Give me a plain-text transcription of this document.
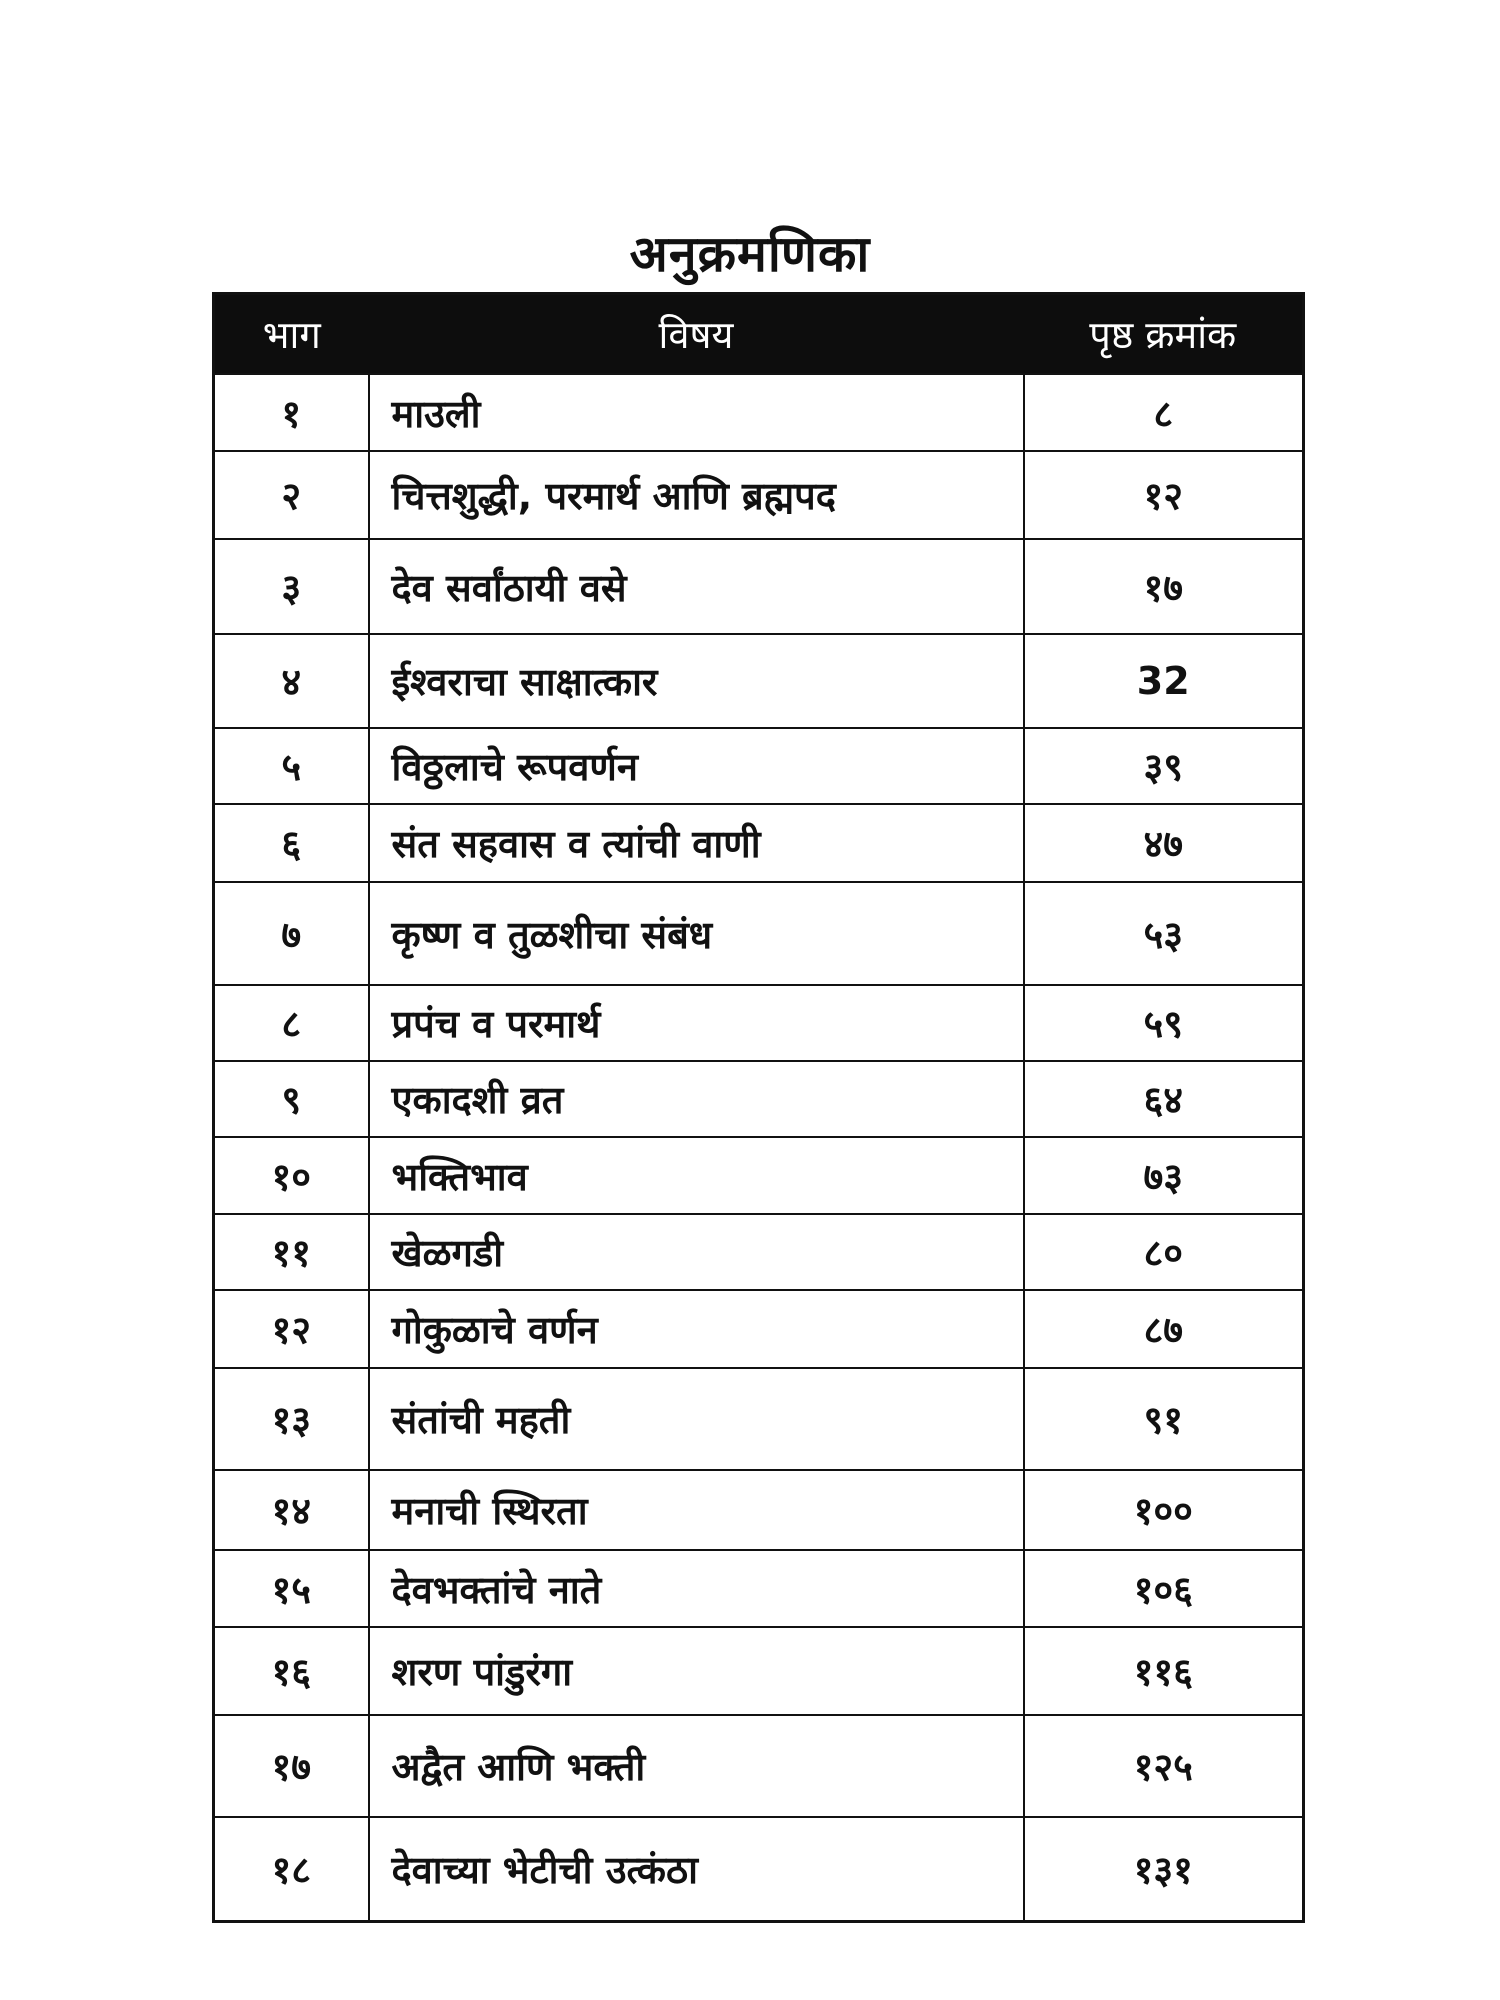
अनुक्रमणिका
भाग	विषय	पृष्ठ क्रमांक
१	माउली	८
२	चित्तशुद्धी, परमार्थ आणि ब्रह्मपद	१२
३	देव सर्वांठायी वसे	१७
४	ईश्वराचा साक्षात्कार	32
५	विठ्ठलाचे रूपवर्णन	३९
६	संत सहवास व त्यांची वाणी	४७
७	कृष्ण व तुळशीचा संबंध	५३
८	प्रपंच व परमार्थ	५९
९	एकादशी व्रत	६४
१०	भक्तिभाव	७३
११	खेळगडी	८०
१२	गोकुळाचे वर्णन	८७
१३	संतांची महती	९१
१४	मनाची स्थिरता	१००
१५	देवभक्तांचे नाते	१०६
१६	शरण पांडुरंगा	११६
१७	अद्वैत आणि भक्ती	१२५
१८	देवाच्या भेटीची उत्कंठा	१३१
